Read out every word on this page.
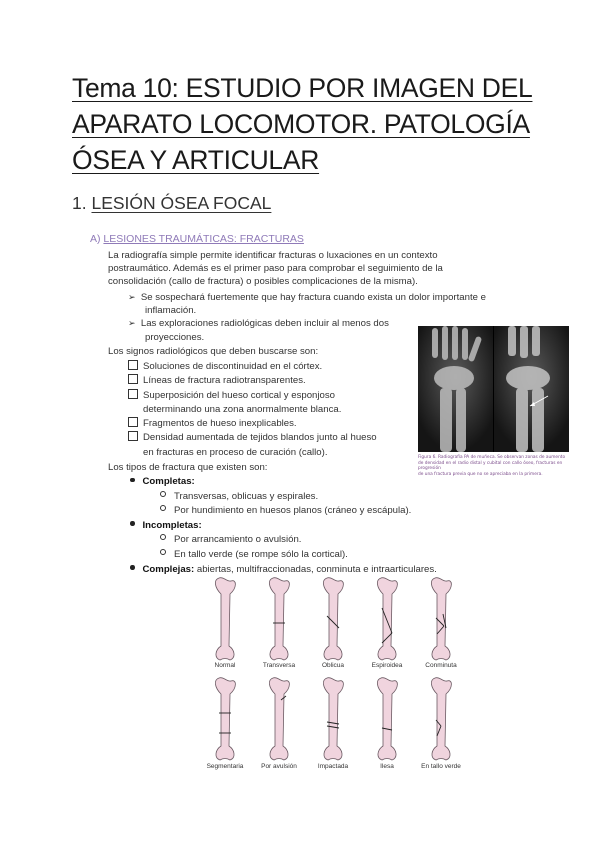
Tema 10: ESTUDIO POR IMAGEN DEL APARATO LOCOMOTOR. PATOLOGÍA ÓSEA Y ARTICULAR
1. LESIÓN ÓSEA FOCAL
A) LESIONES TRAUMÁTICAS: FRACTURAS
La radiografía simple permite identificar fracturas o luxaciones en un contexto
postraumático. Además es el primer paso para comprobar el seguimiento de la
consolidación (callo de fractura) o posibles complicaciones de la misma).
➢ Se sospechará fuertemente que hay fractura cuando exista un dolor importante e
inflamación.
➢ Las exploraciones radiológicas deben incluir al menos dos
proyecciones.
Los signos radiológicos que deben buscarse son:
Soluciones de discontinuidad en el córtex.
Líneas de fractura radiotransparentes.
Superposición del hueso cortical y esponjoso
determinando una zona anormalmente blanca.
Fragmentos de hueso inexplicables.
Densidad aumentada de tejidos blandos junto al hueso
en fracturas en proceso de curación (callo).	Figura 6. Radiografía PA de muñeca. Se observan zonas de aumento
de densidad en el radio distal y cubital con callo óseo, fracturas en progresión
de una fractura previa que no se apreciaba en la primera.
Los tipos de fractura que existen son:
Completas:
Transversas, oblicuas y espirales.
Por hundimiento en huesos planos (cráneo y escápula).
Incompletas:
Por arrancamiento o avulsión.
En tallo verde (se rompe sólo la cortical).
Complejas: abiertas, multifraccionadas, conminuta e intraarticulares.
Normal	Transversa	Oblicua	Espiroidea	Conminuta
Segmentaria	Por avulsión	Impactada	Ilesa	En tallo verde
